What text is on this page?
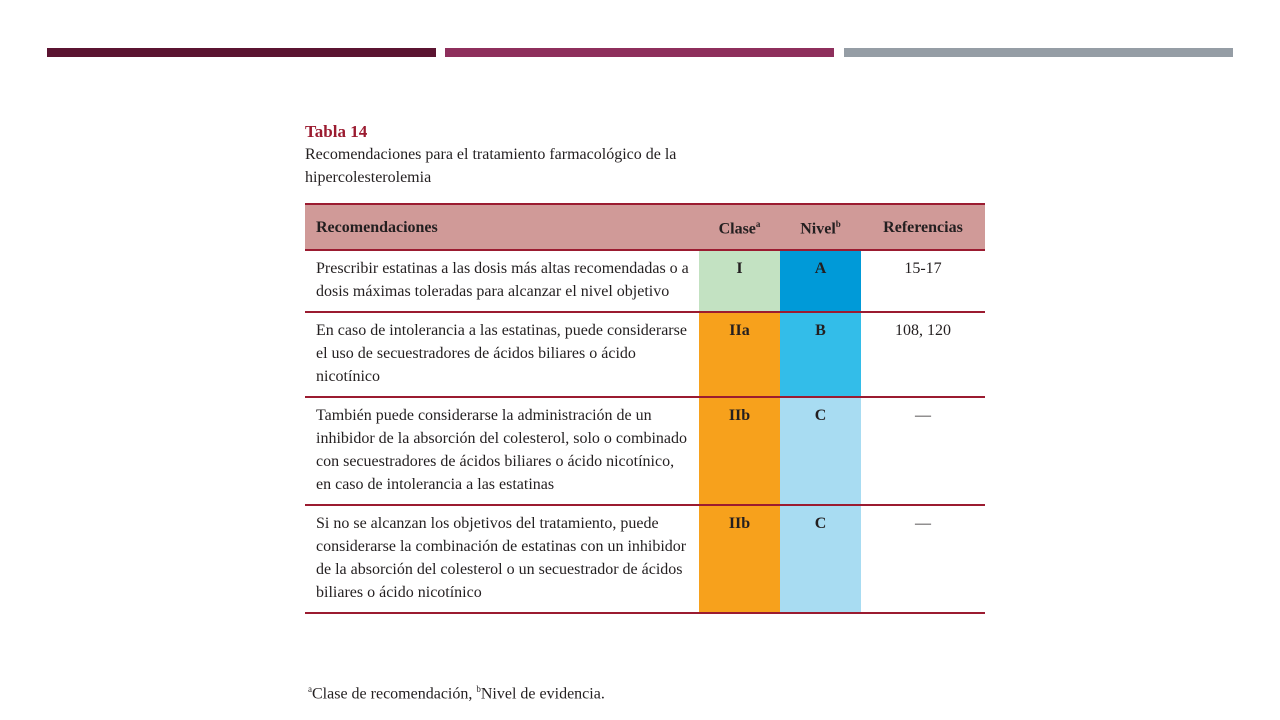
Tabla 14
Recomendaciones para el tratamiento farmacológico de la hipercolesterolemia
Recomendaciones	Clase$^a$	Nivel$^b$	Referencias
Prescribir estatinas a las dosis más altas recomendadas o a dosis máximas toleradas para alcanzar el nivel objetivo	I	A	15-17
En caso de intolerancia a las estatinas, puede considerarse el uso de secuestradores de ácidos biliares o ácido nicotínico	IIa	B	108, 120
También puede considerarse la administración de un inhibidor de la absorción del colesterol, solo o combinado con secuestradores de ácidos biliares o ácido nicotínico, en caso de intolerancia a las estatinas	IIb	C	—
Si no se alcanzan los objetivos del tratamiento, puede considerarse la combinación de estatinas con un inhibidor de la absorción del colesterol o un secuestrador de ácidos biliares o ácido nicotínico	IIb	C	—
$^a$Clase de recomendación, $^b$Nivel de evidencia.
